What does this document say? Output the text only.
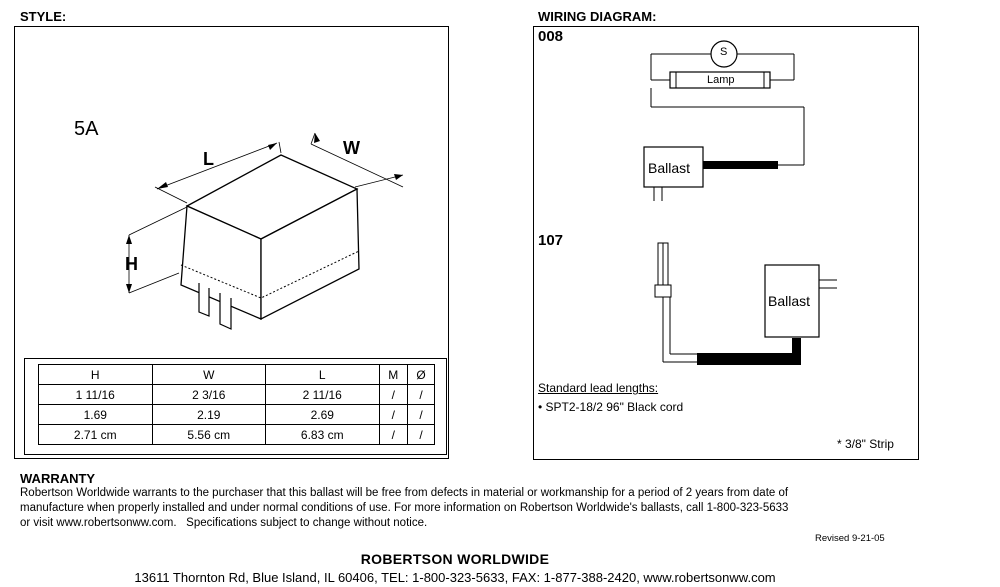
STYLE:
5A
L
W
H
H	W	L	M	Ø
1 11/16	2 3/16	2 11/16	/	/
1.69	2.19	2.69	/	/
2.71 cm	5.56 cm	6.83 cm	/	/
WIRING DIAGRAM:
008
S
Lamp
Ballast
107
Ballast
Standard lead lengths:
• SPT2-18/2 96" Black cord
* 3/8" Strip
WARRANTY
Robertson Worldwide warrants to the purchaser that this ballast will be free from defects in material or workmanship for a period of 2 years from date of
manufacture when properly installed and under normal conditions of use. For more information on Robertson Worldwide's ballasts, call 1-800-323-5633
or visit www.robertsonww.com.   Specifications subject to change without notice.
Revised 9-21-05
ROBERTSON WORLDWIDE
13611 Thornton Rd, Blue Island, IL 60406, TEL: 1-800-323-5633, FAX: 1-877-388-2420, www.robertsonww.com
